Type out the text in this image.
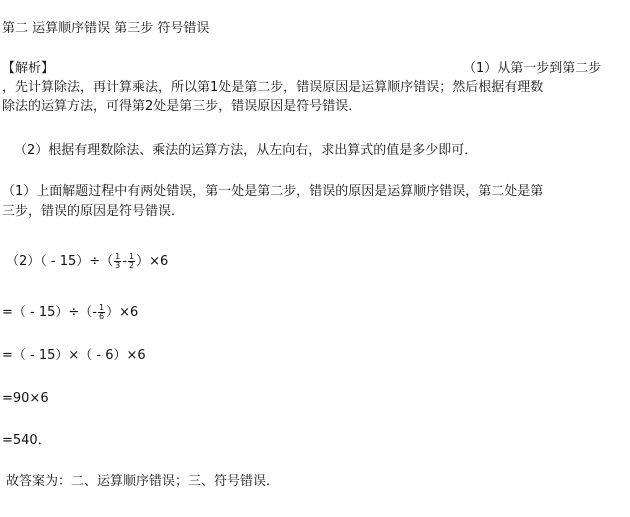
第二 运算顺序错误 第三步 符号错误
【解析】	（1）从第一步到第二步
，先计算除法，再计算乘法，所以第1处是第二步，错误原因是运算顺序错误；然后根据有理数
除法的运算方法，可得第2处是第三步，错误原因是符号错误．
（2）根据有理数除法、乘法的运算方法，从左向右，求出算式的值是多少即可．
（1）上面解题过程中有两处错误，第一处是第二步，错误的原因是运算顺序错误，第二处是第
三步，错误的原因是符号错误．
$(2)( - 15)\div( \frac{1}{3} - \frac{1}{2} )\times 6$
=（ - $15)\div(- \frac{1}{6} )\times 6$
=（ - 15）×（ - 6）×6
=90×6
=540．
故答案为：二、运算顺序错误；三、符号错误．
